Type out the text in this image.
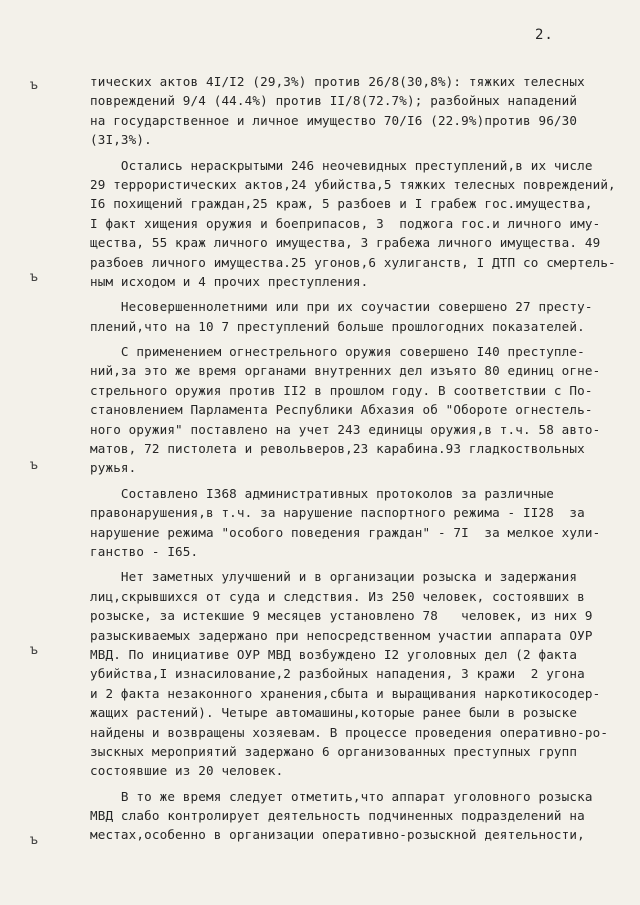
2.
ъ
ъ
ъ
ъ
ъ
тических актов 4I/I2 (29,3%) против 26/8(30,8%): тяжких телесных
повреждений 9/4 (44.4%) против II/8(72.7%); разбойных нападений
на государственное и личное имущество 70/I6 (22.9%)против 96/30
(3I,3%).
Остались нераскрытыми 246 неочевидных преступлений,в их числе
29 террористических актов,24 убийства,5 тяжких телесных повреждений,
I6 похищений граждан,25 краж, 5 разбоев и I грабеж гос.имущества,
I факт хищения оружия и боеприпасов, 3  поджога гос.и личного иму-
щества, 55 краж личного имущества, 3 грабежа личного имущества. 49
разбоев личного имущества.25 угонов,6 хулиганств, I ДТП со смертель-
ным исходом и 4 прочих преступления.
Несовершеннолетними или при их соучастии совершено 27 престу-
плений,что на 10 7 преступлений больше прошлогодних показателей.
С применением огнестрельного оружия совершено I40 преступле-
ний,за это же время органами внутренних дел изъято 80 единиц огне-
стрельного оружия против II2 в прошлом году. В соответствии с По-
становлением Парламента Республики Абхазия об "Обороте огнестель-
ного оружия" поставлено на учет 243 единицы оружия,в т.ч. 58 авто-
матов, 72 пистолета и револьверов,23 карабина.93 гладкоствольных
ружья.
Составлено I368 административных протоколов за различные
правонарушения,в т.ч. за нарушение паспортного режима - II28  за
нарушение режима "особого поведения граждан" - 7I  за мелкое хули-
ганство - I65.
Нет заметных улучшений и в организации розыска и задержания
лиц,скрывшихся от суда и следствия. Из 250 человек, состоявших в
розыске, за истекшие 9 месяцев установлено 78   человек, из них 9
разыскиваемых задержано при непосредственном участии аппарата ОУР
МВД. По инициативе ОУР МВД возбуждено I2 уголовных дел (2 факта
убийства,I изнасилование,2 разбойных нападения, 3 кражи  2 угона
и 2 факта незаконного хранения,сбыта и выращивания наркотикосодер-
жащих растений). Четыре автомашины,которые ранее были в розыске
найдены и возвращены хозяевам. В процессе проведения оперативно-ро-
зыскных мероприятий задержано 6 организованных преступных групп
состоявшие из 20 человек.
В то же время следует отметить,что аппарат уголовного розыска
МВД слабо контролирует деятельность подчиненных подразделений на
местах,особенно в организации оперативно-розыскной деятельности,
